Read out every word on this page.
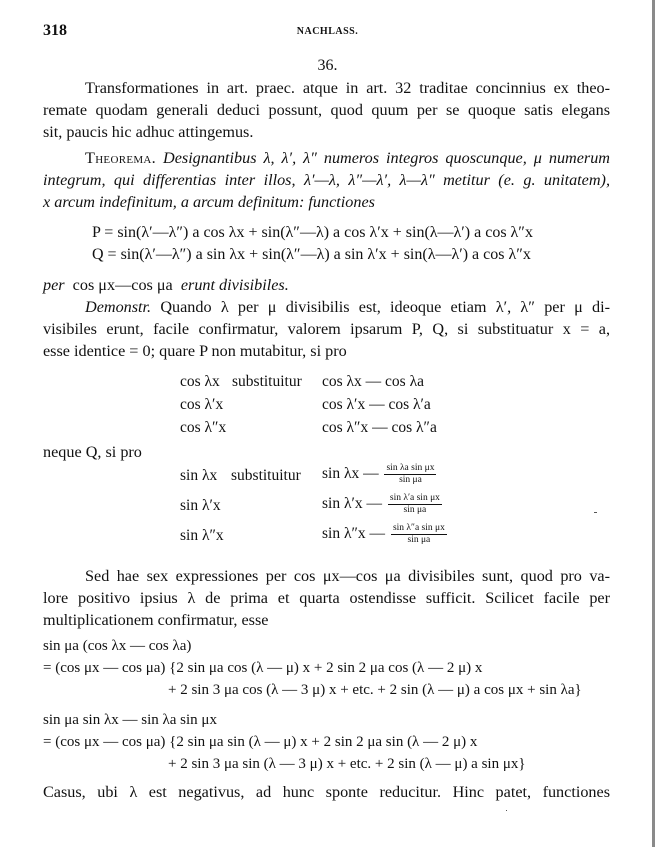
318	NACHLASS.
36.
Transformationes in art. praec. atque in art. 32 traditae concinnius ex theo-
remate quodam generali deduci possunt, quod quum per se quoque satis elegans
sit, paucis hic adhuc attingemus.
Theorema. Designantibus λ, λ′, λ″ numeros integros quoscunque, μ numerum
integrum, qui differentias inter illos, λ′—λ, λ″—λ′, λ—λ″ metitur (e. g. unitatem),
x arcum indefinitum, a arcum definitum: functiones
P = sin(λ′—λ″) a cos λx + sin(λ″—λ) a cos λ′x + sin(λ—λ′) a cos λ″x
Q = sin(λ′—λ″) a sin λx + sin(λ″—λ) a sin λ′x + sin(λ—λ′) a cos λ″x
per cos μx—cos μa erunt divisibiles.
Demonstr. Quando λ per μ divisibilis est, ideoque etiam λ′, λ″ per μ di-
visibiles erunt, facile confirmatur, valorem ipsarum P, Q, si substituatur x = a,
esse identice = 0; quare P non mutabitur, si pro
cos λx substituitur cos λx — cos λa
cos λ′x	cos λ′x — cos λ′a
cos λ″x	cos λ″x — cos λ″a
neque Q, si pro
sin λx substituitur sin λx — $\frac{\text{sin λa sin μx}}{\text{sin μa}}$
sin λ′x	sin λ′x — $\frac{\text{sin λ′a sin μx}}{\text{sin μa}}$
sin λ″x	sin λ″x — $\frac{\text{sin λ″a sin μx}}{\text{sin μa}}$
Sed hae sex expressiones per cos μx—cos μa divisibiles sunt, quod pro va-
lore positivo ipsius λ de prima et quarta ostendisse sufficit. Scilicet facile per
multiplicationem confirmatur, esse
sin μa (cos λx — cos λa)
= (cos μx — cos μa) {2 sin μa cos (λ — μ) x + 2 sin 2 μa cos (λ — 2 μ) x
+ 2 sin 3 μa cos (λ — 3 μ) x + etc. + 2 sin (λ — μ) a cos μx + sin λa}
sin μa sin λx — sin λa sin μx
= (cos μx — cos μa) {2 sin μa sin (λ — μ) x + 2 sin 2 μa sin (λ — 2 μ) x
+ 2 sin 3 μa sin (λ — 3 μ) x + etc. + 2 sin (λ — μ) a sin μx}
Casus, ubi λ est negativus, ad hunc sponte reducitur. Hinc patet, functiones
